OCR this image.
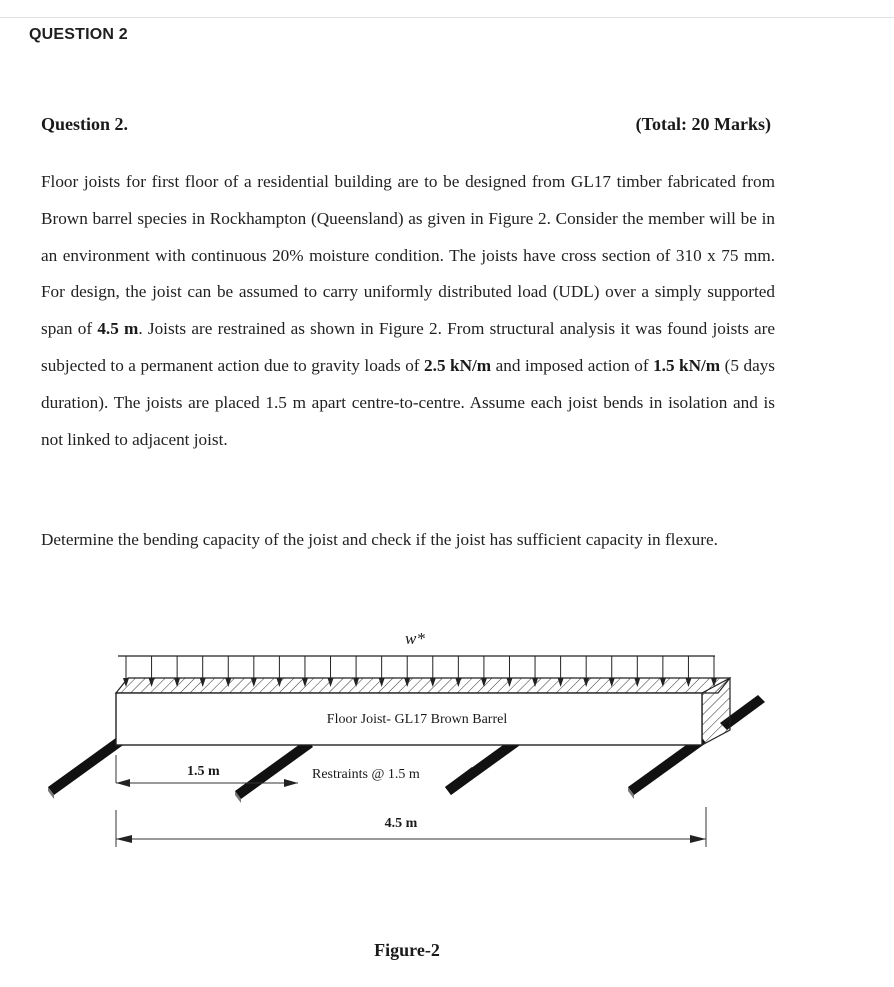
QUESTION 2
Question 2.	(Total: 20 Marks)
Floor joists for first floor of a residential building are to be designed from GL17 timber fabricated from Brown barrel species in Rockhampton (Queensland) as given in Figure 2. Consider the member will be in an environment with continuous 20% moisture condition. The joists have cross section of 310 x 75 mm. For design, the joist can be assumed to carry uniformly distributed load (UDL) over a simply supported span of 4.5 m. Joists are restrained as shown in Figure 2. From structural analysis it was found joists are subjected to a permanent action due to gravity loads of 2.5 kN/m and imposed action of 1.5 kN/m (5 days duration). The joists are placed 1.5 m apart centre-to-centre. Assume each joist bends in isolation and is not linked to adjacent joist.
Determine the bending capacity of the joist and check if the joist has sufficient capacity in flexure.
w*
Floor Joist- GL17 Brown Barrel
1.5 m	Restraints @ 1.5 m
4.5 m
Figure-2
